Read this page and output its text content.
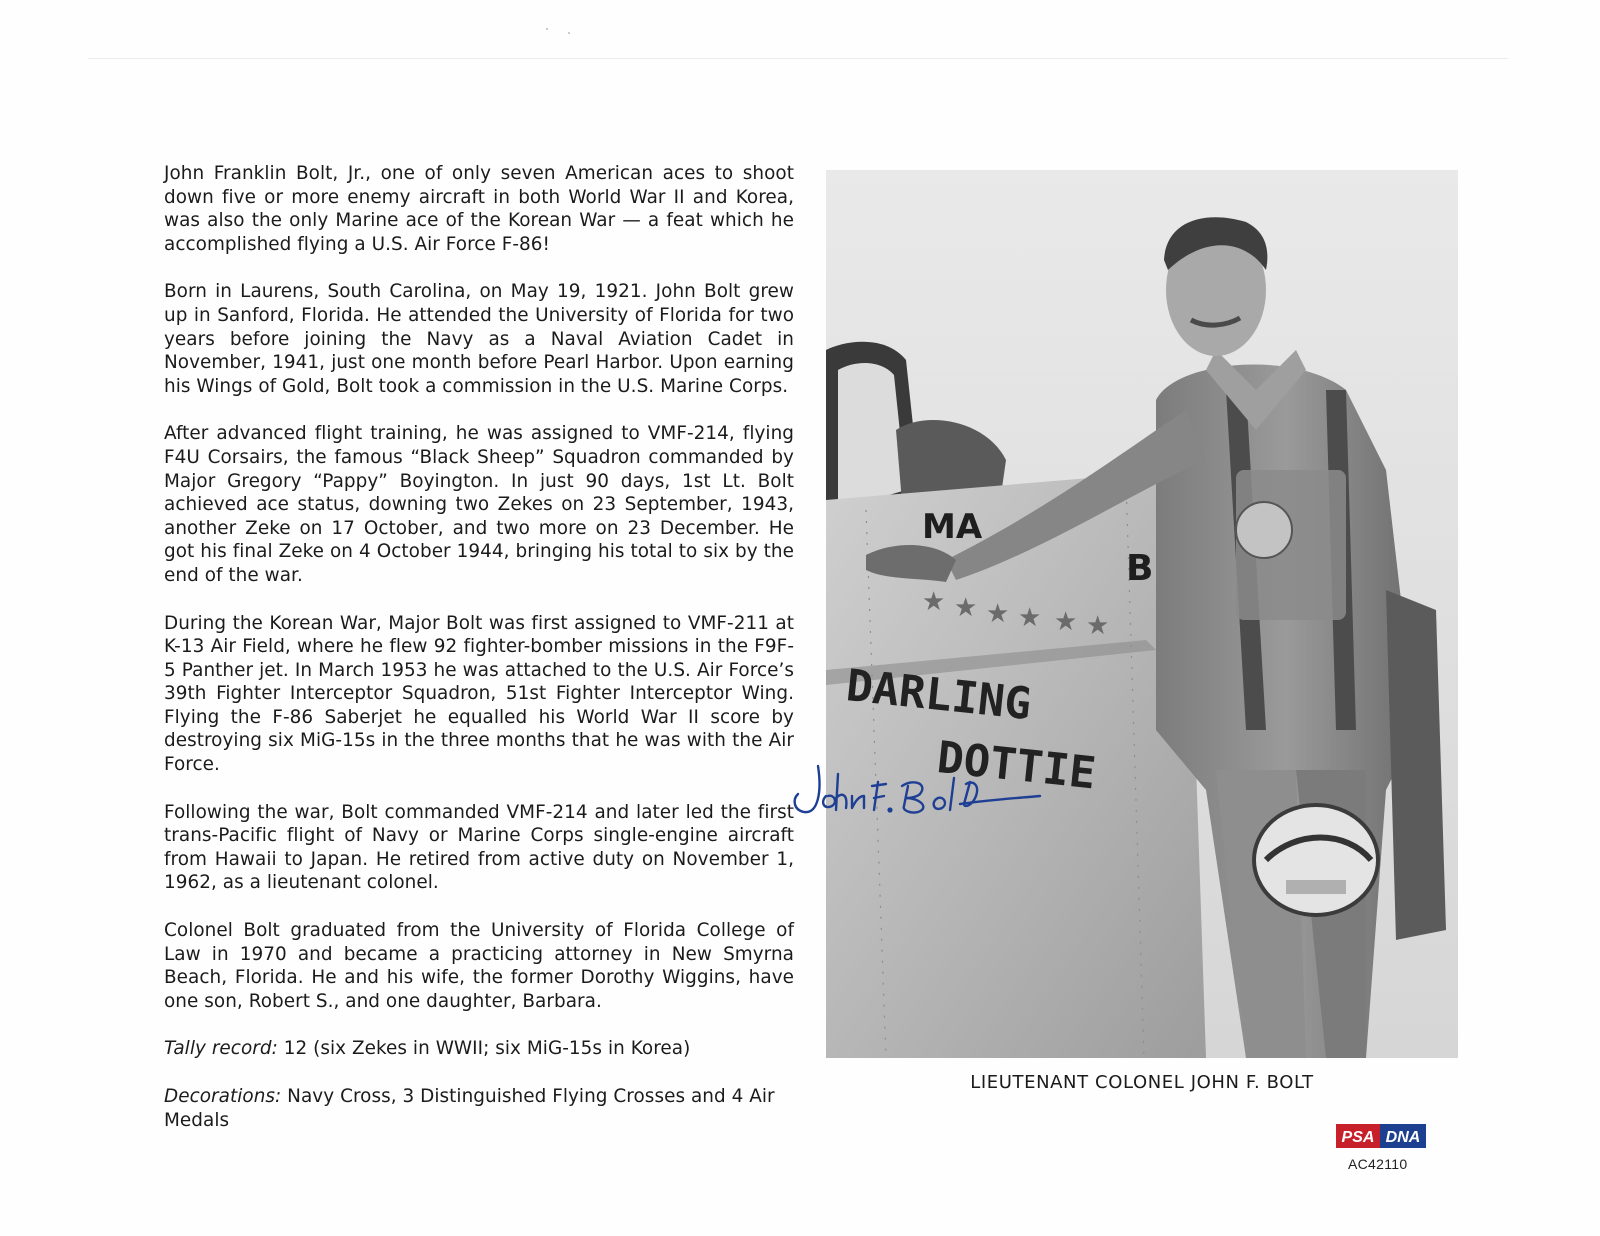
John Franklin Bolt, Jr., one of only seven American aces to shoot down five or more enemy aircraft in both World War II and Korea, was also the only Marine ace of the Korean War — a feat which he accomplished flying a U.S. Air Force F-86!

Born in Laurens, South Carolina, on May 19, 1921. John Bolt grew up in Sanford, Florida. He attended the University of Florida for two years before joining the Navy as a Naval Aviation Cadet in November, 1941, just one month before Pearl Harbor. Upon earning his Wings of Gold, Bolt took a commission in the U.S. Marine Corps.

After advanced flight training, he was assigned to VMF-214, flying F4U Corsairs, the famous “Black Sheep” Squadron commanded by Major Gregory “Pappy” Boyington. In just 90 days, 1st Lt. Bolt achieved ace status, downing two Zekes on 23 September, 1943, another Zeke on 17 October, and two more on 23 December. He got his final Zeke on 4 October 1944, bringing his total to six by the end of the war.

During the Korean War, Major Bolt was first assigned to VMF-211 at K-13 Air Field, where he flew 92 fighter-bomber missions in the F9F-5 Panther jet. In March 1953 he was attached to the U.S. Air Force’s 39th Fighter Interceptor Squadron, 51st Fighter Interceptor Wing. Flying the F-86 Saberjet he equalled his World War II score by destroying six MiG-15s in the three months that he was with the Air Force.

Following the war, Bolt commanded VMF-214 and later led the first trans-Pacific flight of Navy or Marine Corps single-engine aircraft from Hawaii to Japan. He retired from active duty on November 1, 1962, as a lieutenant colonel.

Colonel Bolt graduated from the University of Florida College of Law in 1970 and became a practicing attorney in New Smyrna Beach, Florida. He and his wife, the former Dorothy Wiggins, have one son, Robert S., and one daughter, Barbara.

Tally record: 12 (six Zekes in WWII; six MiG-15s in Korea)

Decorations: Navy Cross, 3 Distinguished Flying Crosses and 4 Air Medals

MA
B
★ ★ ★ ★ ★ ★
DARLING
DOTTIE
LIEUTENANT COLONEL JOHN F. BOLT
PSA DNA
AC42110
